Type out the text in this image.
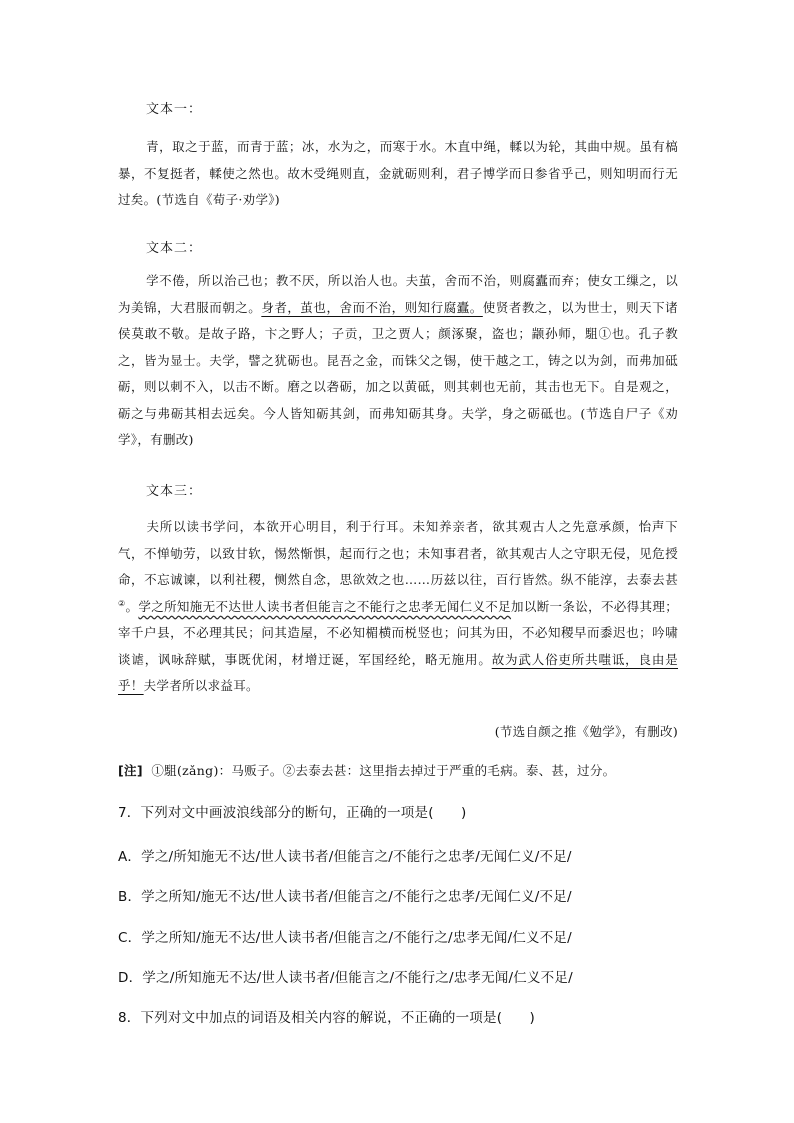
文本一：
青，取之于蓝，而青于蓝；冰，水为之，而寒于水。木直中绳，輮以为轮，其曲中规。虽有槁暴，不复挺者，輮使之然也。故木受绳则直，金就砺则利，君子博学而日参省乎己，则知明而行无过矣。(节选自《荀子·劝学》)
文本二：
学不倦，所以治己也；教不厌，所以治人也。夫茧，舍而不治，则腐蠹而弃；使女工缫之，以为美锦，大君服而朝之。身者，茧也，舍而不治，则知行腐蠹。使贤者教之，以为世士，则天下诸侯莫敢不敬。是故子路，卞之野人；子贡，卫之贾人；颜涿聚，盗也；颛孙师，駔①也。孔子教之，皆为显士。夫学，譬之犹砺也。昆吾之金，而铢父之锡，使干越之工，铸之以为剑，而弗加砥砺，则以刺不入，以击不断。磨之以砻砺，加之以黄砥，则其刺也无前，其击也无下。自是观之，砺之与弗砺其相去远矣。今人皆知砺其剑，而弗知砺其身。夫学，身之砺砥也。(节选自尸子《劝学》，有删改)
文本三：
夫所以读书学问，本欲开心明目，利于行耳。未知养亲者，欲其观古人之先意承颜，怡声下气，不惮劬劳，以致甘软，惕然惭惧，起而行之也；未知事君者，欲其观古人之守职无侵，见危授命，不忘诚谏，以利社稷，恻然自念，思欲效之也……历兹以往，百行皆然。纵不能淳，去泰去甚②。学之所知施无不达世人读书者但能言之不能行之忠孝无闻仁义不足加以断一条讼，不必得其理；宰千户县，不必理其民；问其造屋，不必知楣横而棁竖也；问其为田，不必知稷早而黍迟也；吟啸谈谑，讽咏辞赋，事既优闲，材增迂诞，军国经纶，略无施用。故为武人俗吏所共嗤诋，良由是乎！夫学者所以求益耳。
(节选自颜之推《勉学》，有删改)
[注] ①駔(zǎng)：马贩子。②去泰去甚：这里指去掉过于严重的毛病。泰、甚，过分。
7．下列对文中画波浪线部分的断句，正确的一项是(　　)
A．学之/所知施无不达/世人读书者/但能言之/不能行之忠孝/无闻仁义/不足/
B．学之所知/施无不达/世人读书者/但能言之/不能行之忠孝/无闻仁义/不足/
C．学之所知/施无不达/世人读书者/但能言之/不能行之/忠孝无闻/仁义不足/
D．学之/所知施无不达/世人读书者/但能言之/不能行之/忠孝无闻/仁义不足/
8．下列对文中加点的词语及相关内容的解说，不正确的一项是(　　)
